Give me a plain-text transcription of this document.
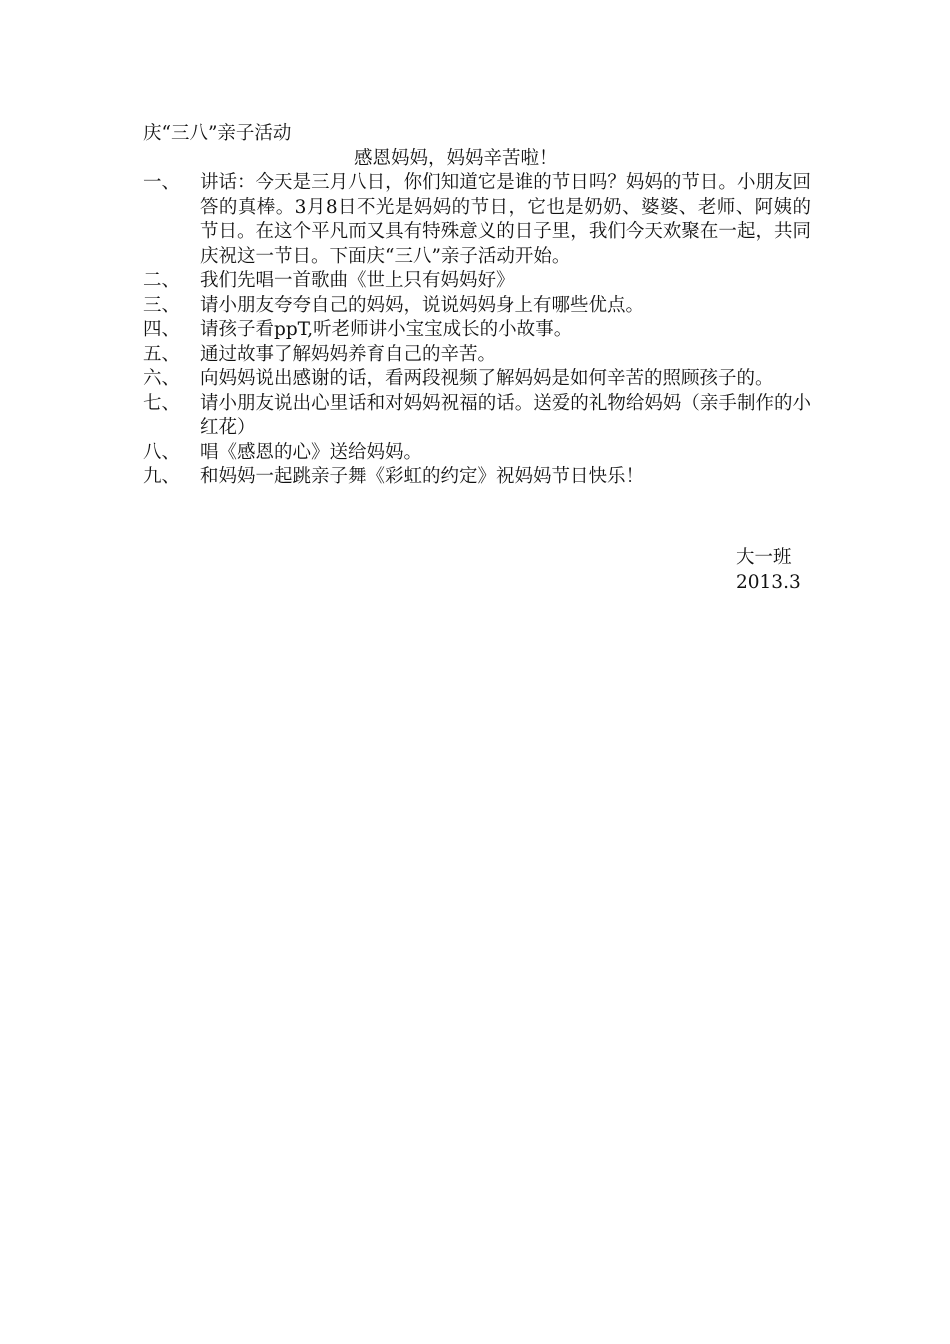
庆“三八”亲子活动
感恩妈妈，妈妈辛苦啦！
一、	讲话：今天是三月八日，你们知道它是谁的节日吗？妈妈的节日。小朋友回答的真棒。3月8日不光是妈妈的节日，它也是奶奶、婆婆、老师、阿姨的节日。在这个平凡而又具有特殊意义的日子里，我们今天欢聚在一起，共同庆祝这一节日。下面庆“三八”亲子活动开始。
二、	我们先唱一首歌曲《世上只有妈妈好》
三、	请小朋友夸夸自己的妈妈，说说妈妈身上有哪些优点。
四、	请孩子看ppT,听老师讲小宝宝成长的小故事。
五、	通过故事了解妈妈养育自己的辛苦。
六、	向妈妈说出感谢的话，看两段视频了解妈妈是如何辛苦的照顾孩子的。
七、	请小朋友说出心里话和对妈妈祝福的话。送爱的礼物给妈妈（亲手制作的小红花）
八、	唱《感恩的心》送给妈妈。
九、	和妈妈一起跳亲子舞《彩虹的约定》祝妈妈节日快乐！
大一班
2013.3
